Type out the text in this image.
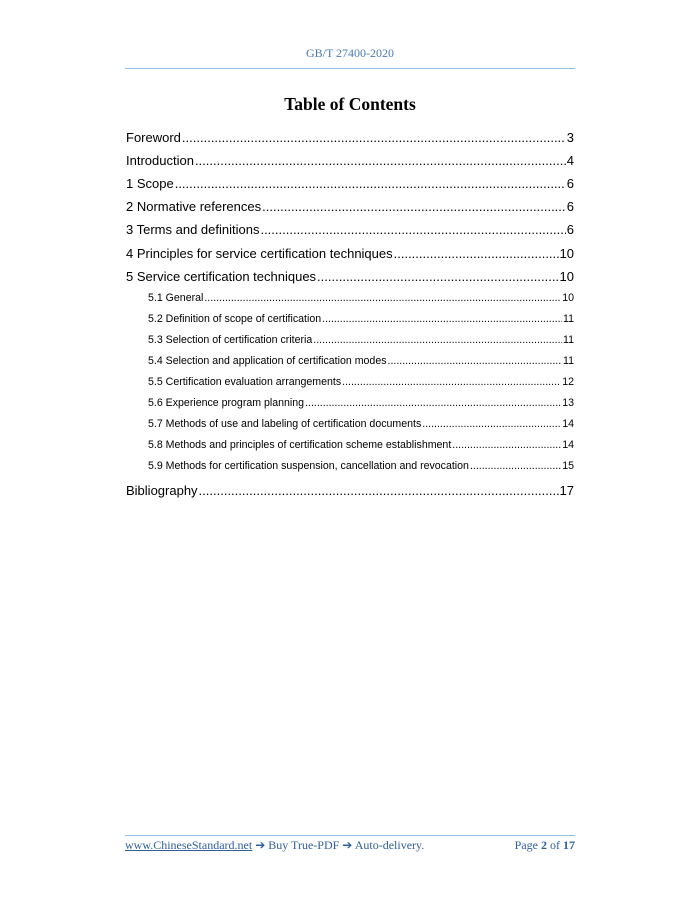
GB/T 27400-2020
Table of Contents
Foreword .....	3
Introduction .....	4
1 Scope .....	6
2 Normative references .....	6
3 Terms and definitions .....	6
4 Principles for service certification techniques .....	10
5 Service certification techniques .....	10
5.1 General .....	10
5.2 Definition of scope of certification .....	11
5.3 Selection of certification criteria .....	11
5.4 Selection and application of certification modes .....	11
5.5 Certification evaluation arrangements .....	12
5.6 Experience program planning .....	13
5.7 Methods of use and labeling of certification documents .....	14
5.8 Methods and principles of certification scheme establishment .....	14
5.9 Methods for certification suspension, cancellation and revocation .....	15
Bibliography .....	17
www.ChineseStandard.net ➔ Buy True-PDF ➔ Auto-delivery.	Page 2 of 17
